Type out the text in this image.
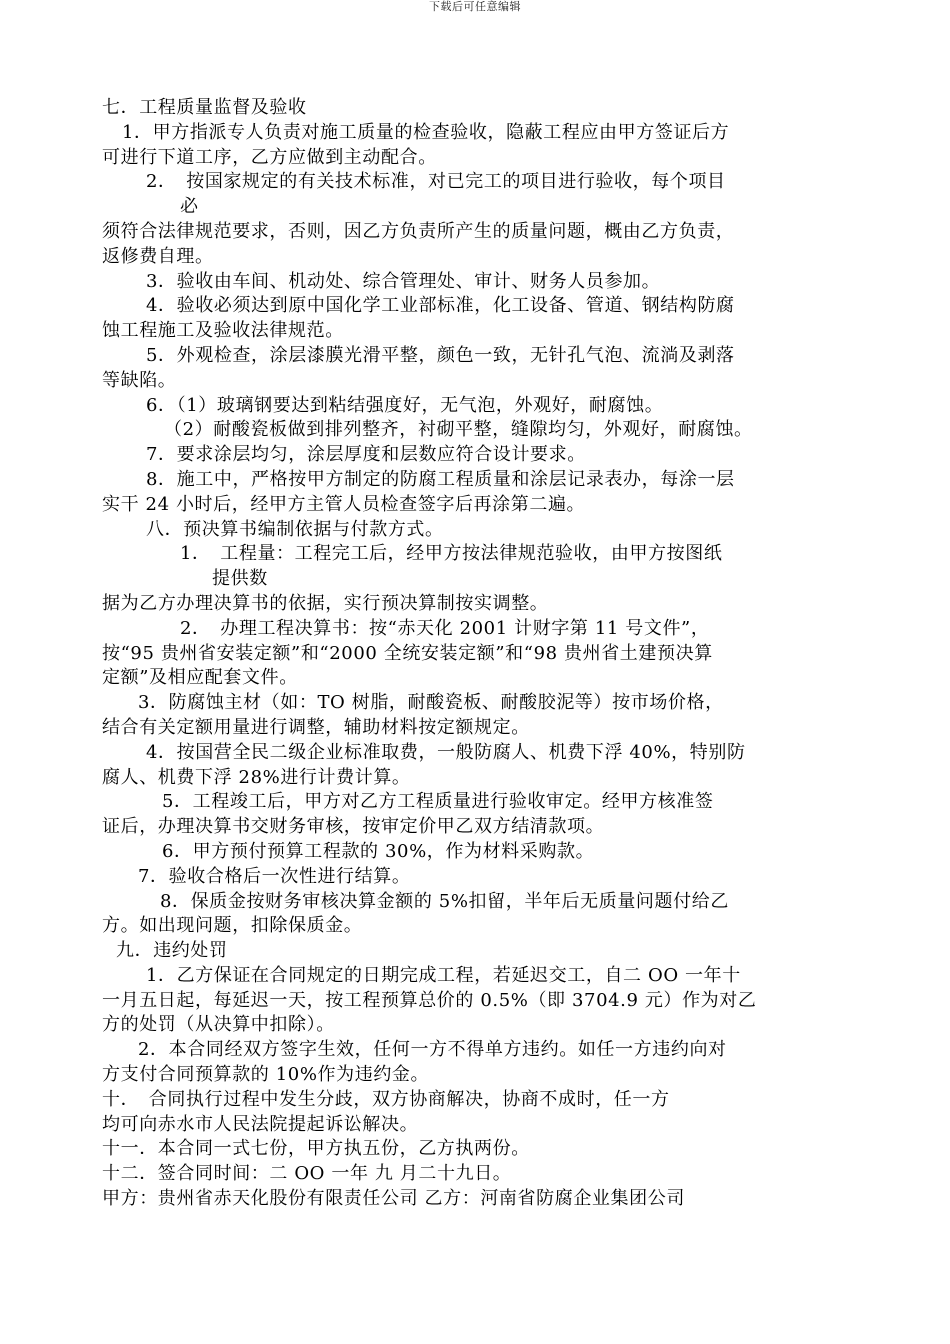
下载后可任意编辑
七．工程质量监督及验收
1．甲方指派专人负责对施工质量的检查验收，隐蔽工程应由甲方签证后方
可进行下道工序，乙方应做到主动配合。
2．　按国家规定的有关技术标准，对已完工的项目进行验收，每个项目
必
须符合法律规范要求，否则，因乙方负责所产生的质量问题，概由乙方负责，
返修费自理。
3．验收由车间、机动处、综合管理处、审计、财务人员参加。
4．验收必须达到原中国化学工业部标准，化工设备、管道、钢结构防腐
蚀工程施工及验收法律规范。
5．外观检查，涂层漆膜光滑平整，颜色一致，无针孔气泡、流淌及剥落
等缺陷。
6．（1）玻璃钢要达到粘结强度好，无气泡，外观好，耐腐蚀。
（2）耐酸瓷板做到排列整齐，衬砌平整，缝隙均匀，外观好，耐腐蚀。
7．要求涂层均匀，涂层厚度和层数应符合设计要求。
8．施工中，严格按甲方制定的防腐工程质量和涂层记录表办，每涂一层
实干 24 小时后，经甲方主管人员检查签字后再涂第二遍。
八．预决算书编制依据与付款方式。
1．　工程量：工程完工后，经甲方按法律规范验收，由甲方按图纸
提供数
据为乙方办理决算书的依据，实行预决算制按实调整。
2．　办理工程决算书：按“赤天化 2001 计财字第 11 号文件”，
按“95 贵州省安装定额”和“2000 全统安装定额”和“98 贵州省土建预决算
定额”及相应配套文件。
3．防腐蚀主材（如：TO 树脂，耐酸瓷板、耐酸胶泥等）按市场价格，
结合有关定额用量进行调整，辅助材料按定额规定。
4．按国营全民二级企业标准取费，一般防腐人、机费下浮 40%，特别防
腐人、机费下浮 28%进行计费计算。
5．工程竣工后，甲方对乙方工程质量进行验收审定。经甲方核准签
证后，办理决算书交财务审核，按审定价甲乙双方结清款项。
6．甲方预付预算工程款的 30%，作为材料采购款。
7．验收合格后一次性进行结算。
8．保质金按财务审核决算金额的 5%扣留，半年后无质量问题付给乙
方。如出现问题，扣除保质金。
九．违约处罚
1．乙方保证在合同规定的日期完成工程，若延迟交工，自二 OO 一年十
一月五日起，每延迟一天，按工程预算总价的 0.5%（即 3704.9 元）作为对乙
方的处罚（从决算中扣除）。
2．本合同经双方签字生效，任何一方不得单方违约。如任一方违约向对
方支付合同预算款的 10%作为违约金。
十．　合同执行过程中发生分歧，双方协商解决，协商不成时，任一方
均可向赤水市人民法院提起诉讼解决。
十一．本合同一式七份，甲方执五份，乙方执两份。
十二．签合同时间：二 OO 一年 九 月二十九日。
甲方：贵州省赤天化股份有限责任公司 乙方：河南省防腐企业集团公司
